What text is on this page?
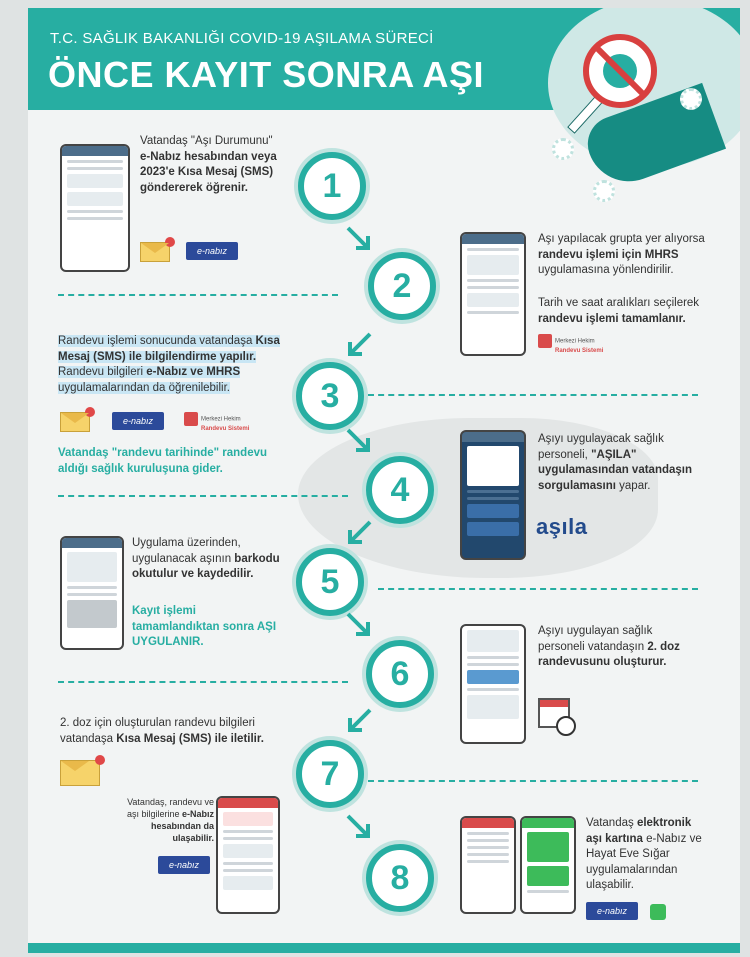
T.C. SAĞLIK BAKANLIĞI COVID-19 AŞILAMA SÜRECİ
ÖNCE KAYIT SONRA AŞI
1
2
3
4
5
6
7
8
Vatandaş "Aşı Durumunu" e-Nabız hesabından veya 2023'e Kısa Mesaj (SMS) göndererek öğrenir.
e-nabız
Aşı yapılacak grupta yer alıyorsa randevu işlemi için MHRS uygulamasına yönlendirilir.
Tarih ve saat aralıkları seçilerek randevu işlemi tamamlanır.
Merkezi Hekim
Randevu Sistemi
Randevu işlemi sonucunda vatandaşa Kısa Mesaj (SMS) ile bilgilendirme yapılır. Randevu bilgileri e-Nabız ve MHRS uygulamalarından da öğrenilebilir.
e-nabız	Merkezi Hekim
Randevu Sistemi
Vatandaş "randevu tarihinde" randevu aldığı sağlık kuruluşuna gider.
Aşıyı uygulayacak sağlık personeli, "AŞILA" uygulamasından vatandaşın sorgulamasını yapar.
aşıla
Uygulama üzerinden, uygulanacak aşının barkodu okutulur ve kaydedilir.
Kayıt işlemi tamamlandıktan sonra AŞI UYGULANIR.
Aşıyı uygulayan sağlık personeli vatandaşın 2. doz randevusunu oluşturur.
2. doz için oluşturulan randevu bilgileri vatandaşa Kısa Mesaj (SMS) ile iletilir.
Vatandaş, randevu ve aşı bilgilerine e-Nabız hesabından da ulaşabilir.
e-nabız
Vatandaş elektronik aşı kartına e-Nabız ve Hayat Eve Sığar uygulamalarından ulaşabilir.
e-nabız
